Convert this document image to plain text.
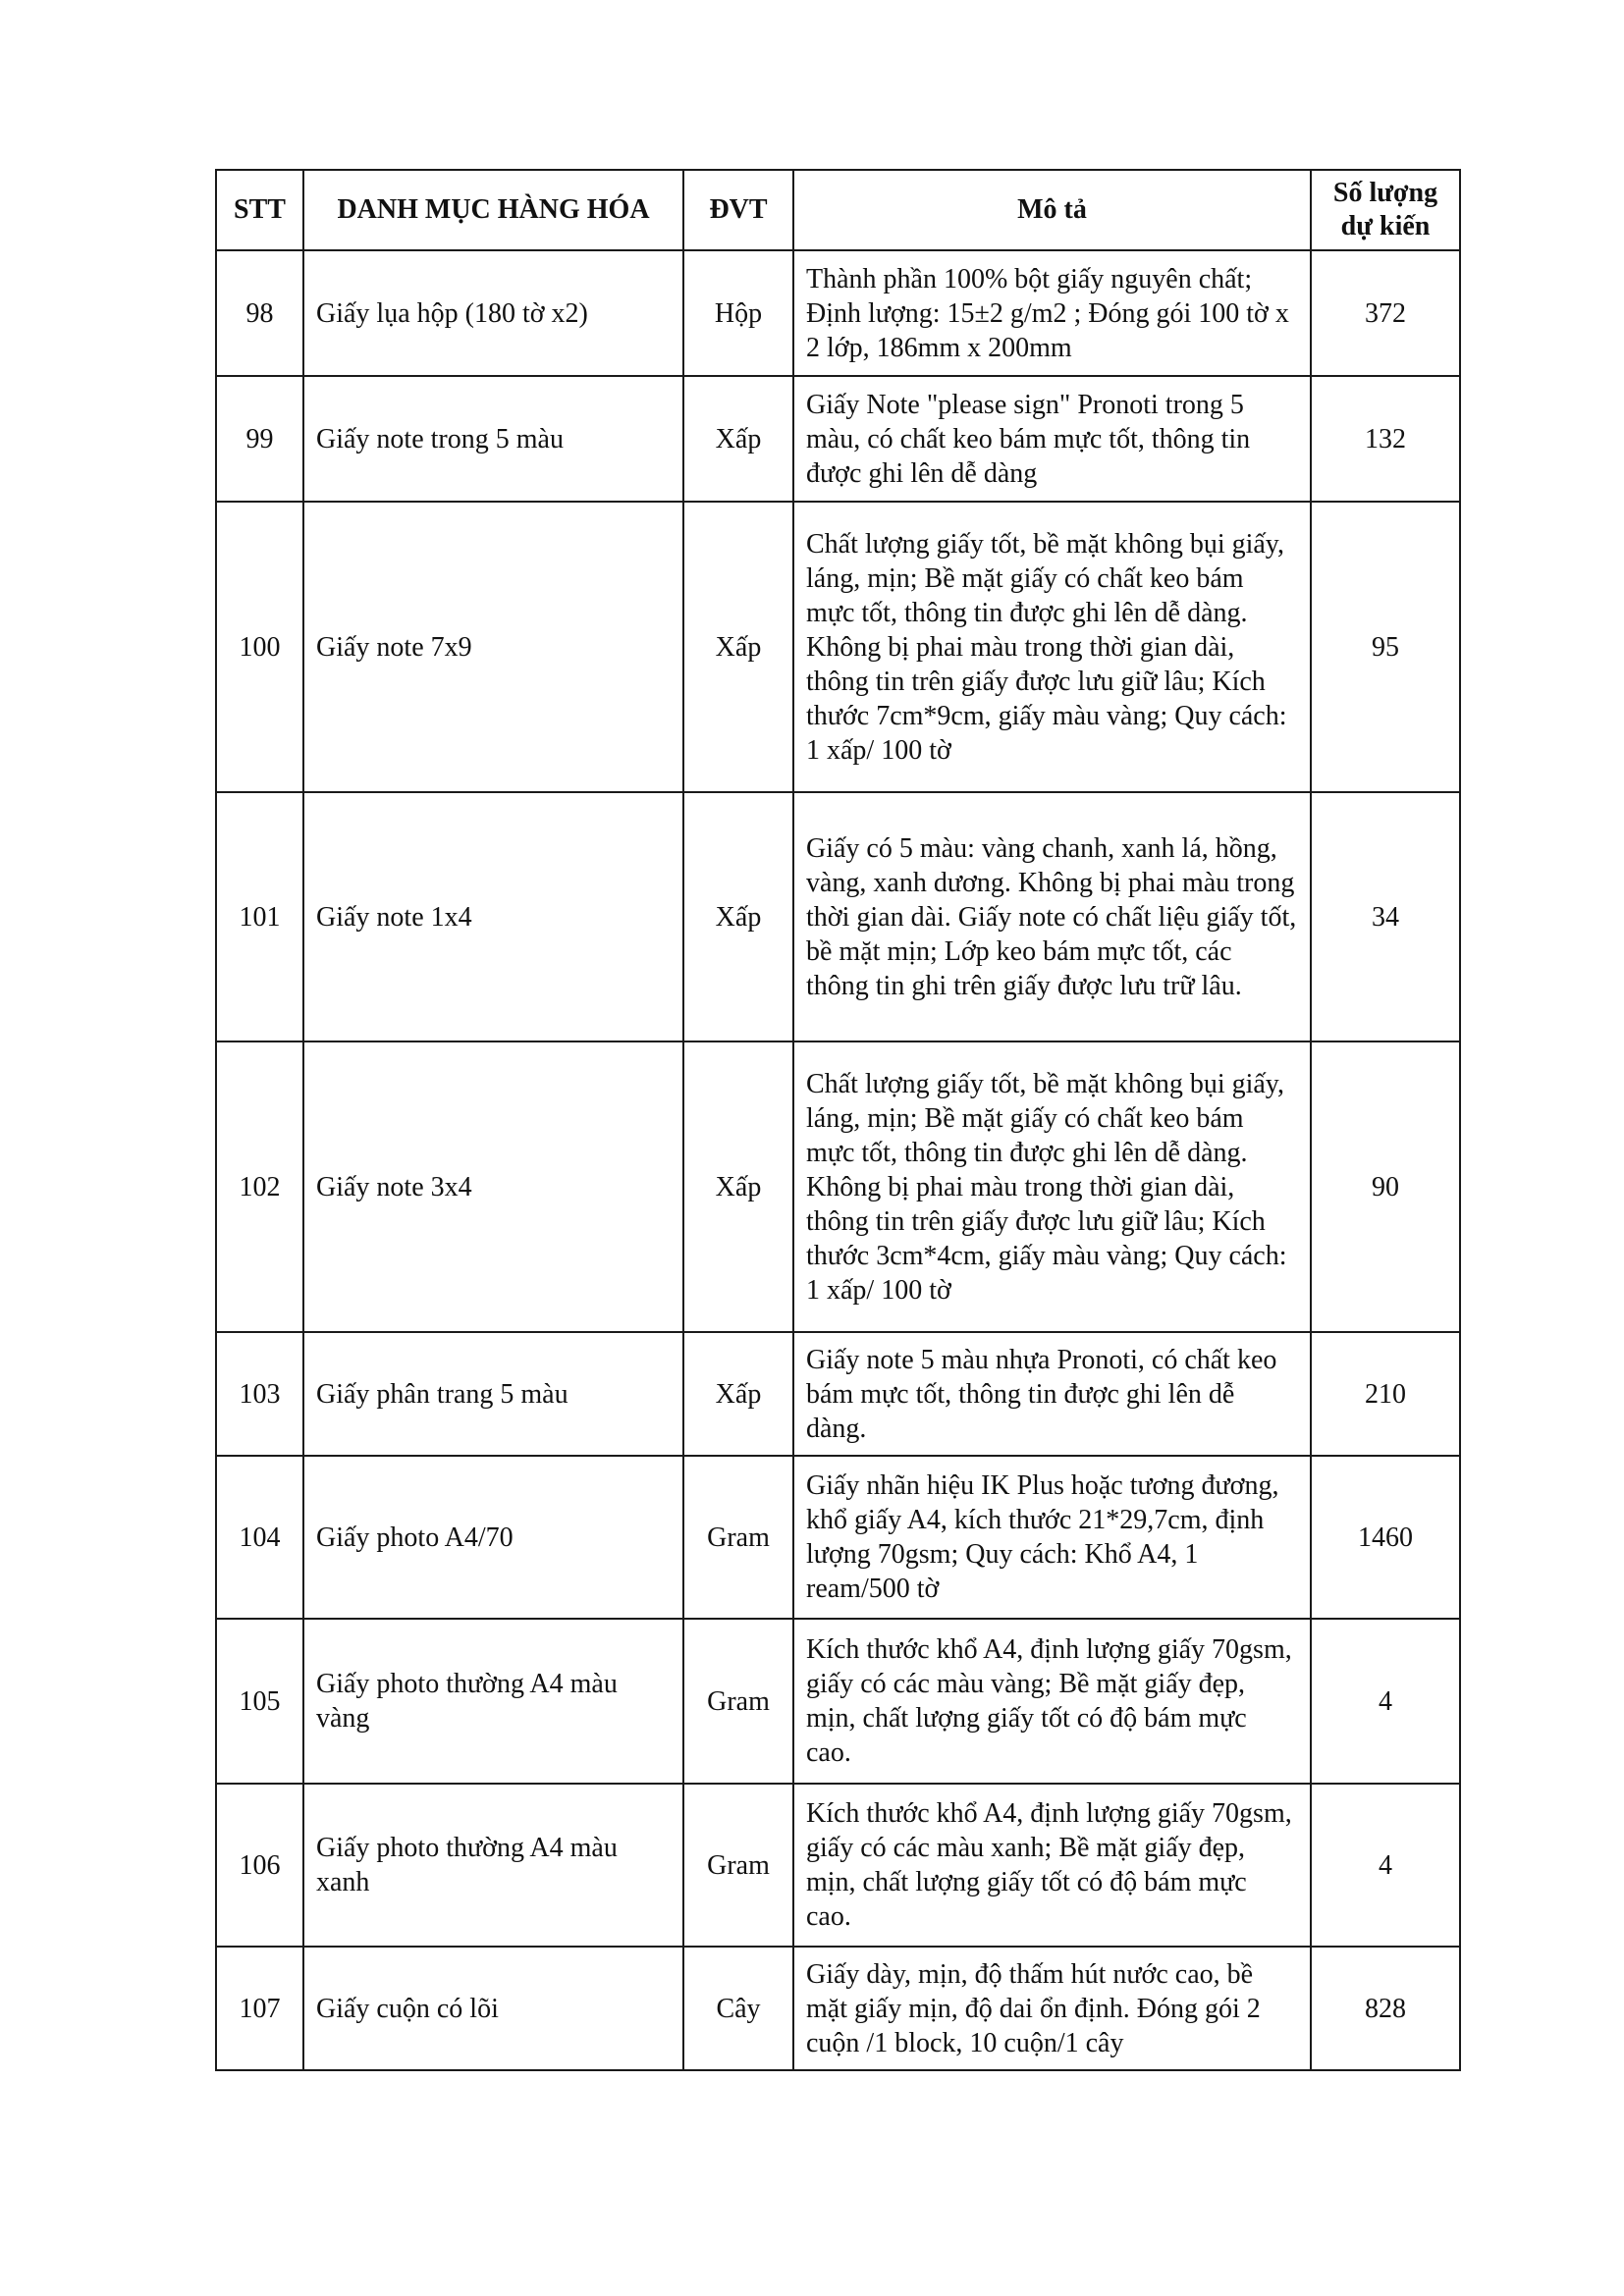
STT	DANH MỤC HÀNG HÓA	ĐVT	Mô tả	Số lượng dự kiến
98	Giấy lụa hộp (180 tờ x2)	Hộp	Thành phần 100% bột giấy nguyên chất; Định lượng: 15±2 g/m2 ; Đóng gói 100 tờ x 2 lớp, 186mm x 200mm	372
99	Giấy note trong 5 màu	Xấp	Giấy Note "please sign" Pronoti trong 5 màu, có chất keo bám mực tốt, thông tin được ghi lên dễ dàng	132
100	Giấy note 7x9	Xấp	Chất lượng giấy tốt, bề mặt không bụi giấy, láng, mịn; Bề mặt giấy có chất keo bám mực tốt, thông tin được ghi lên dễ dàng. Không bị phai màu trong thời gian dài, thông tin trên giấy được lưu giữ lâu; Kích thước 7cm*9cm, giấy màu vàng; Quy cách: 1 xấp/ 100 tờ	95
101	Giấy note 1x4	Xấp	Giấy có 5 màu: vàng chanh, xanh lá, hồng, vàng, xanh dương. Không bị phai màu trong thời gian dài. Giấy note có chất liệu giấy tốt, bề mặt mịn; Lớp keo bám mực tốt, các thông tin ghi trên giấy được lưu trữ lâu.	34
102	Giấy note 3x4	Xấp	Chất lượng giấy tốt, bề mặt không bụi giấy, láng, mịn; Bề mặt giấy có chất keo bám mực tốt, thông tin được ghi lên dễ dàng. Không bị phai màu trong thời gian dài, thông tin trên giấy được lưu giữ lâu; Kích thước 3cm*4cm, giấy màu vàng; Quy cách: 1 xấp/ 100 tờ	90
103	Giấy phân trang 5 màu	Xấp	Giấy note 5 màu nhựa Pronoti, có chất keo bám mực tốt, thông tin được ghi lên dễ dàng.	210
104	Giấy photo A4/70	Gram	Giấy nhãn hiệu IK Plus hoặc tương đương, khổ giấy A4, kích thước 21*29,7cm, định lượng 70gsm; Quy cách: Khổ A4, 1 ream/500 tờ	1460
105	Giấy photo thường A4 màu vàng	Gram	Kích thước khổ A4, định lượng giấy 70gsm, giấy có các màu vàng; Bề mặt giấy đẹp, mịn, chất lượng giấy tốt có độ bám mực cao.	4
106	Giấy photo thường A4 màu xanh	Gram	Kích thước khổ A4, định lượng giấy 70gsm, giấy có các màu xanh; Bề mặt giấy đẹp, mịn, chất lượng giấy tốt có độ bám mực cao.	4
107	Giấy cuộn có lõi	Cây	Giấy dày, mịn, độ thấm hút nước cao, bề mặt giấy mịn, độ dai ổn định. Đóng gói 2 cuộn /1 block, 10 cuộn/1 cây	828
